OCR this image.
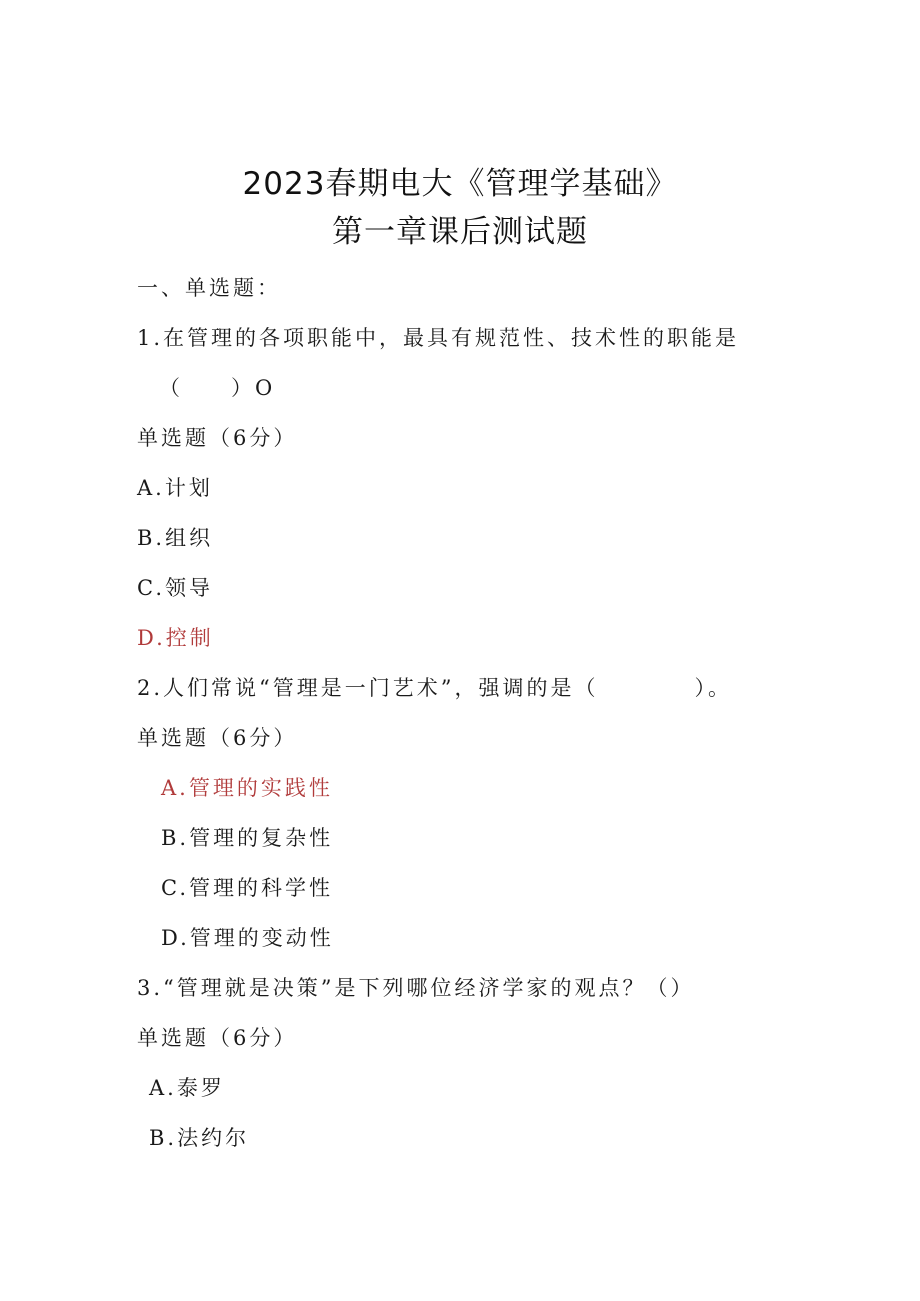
2023春期电大《管理学基础》
第一章课后测试题
一、单选题：
1.在管理的各项职能中，最具有规范性、技术性的职能是
（　　）O
单选题（6分）
A.计划
B.组织
C.领导
D.控制
2.人们常说“管理是一门艺术”，强调的是（　　　　）。
单选题（6分）
A.管理的实践性
B.管理的复杂性
C.管理的科学性
D.管理的变动性
3.“管理就是决策”是下列哪位经济学家的观点？（）
单选题（6分）
A.泰罗
B.法约尔
